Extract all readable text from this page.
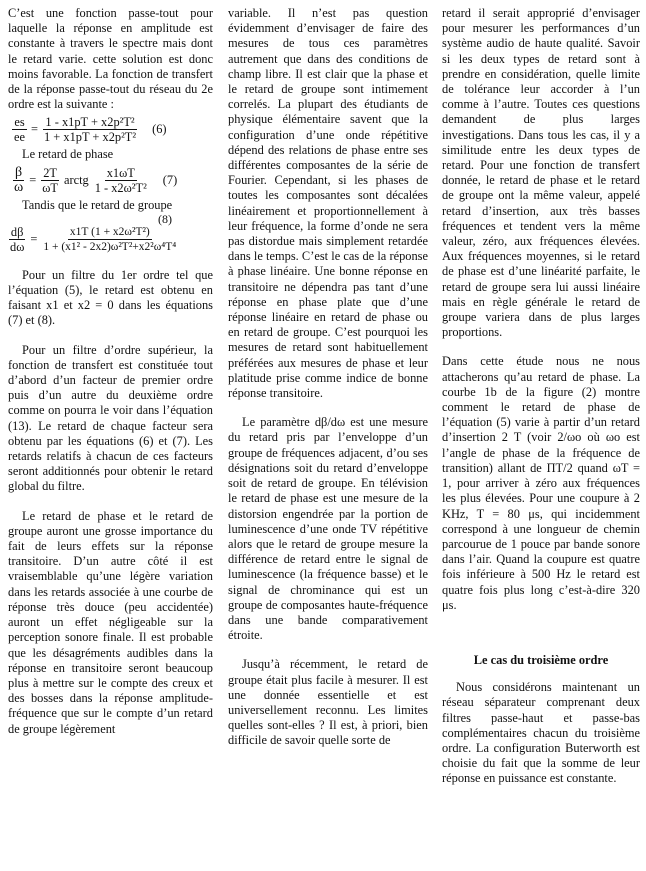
C’est une fonction passe-tout pour laquelle la réponse en amplitude est constante à travers le spectre mais dont le retard varie. cette solution est donc moins favorable. La fonction de transfert de la réponse passe-tout du réseau du 2e ordre est la suivante :

$\frac{es}{ee} = \frac{\text{1 - x1pT + x2p²T²}}{\text{1 + x1pT + x2p²T²}} (6)$

Le retard de phase

$\frac{\beta}{\omega} = \frac{2T}{\omega T}$ arctg $\frac{x1\omega T}{\text{1 - x2ω²T²}} (7)$

Tandis que le retard de groupe

(8)
$\frac{d\beta}{d\omega} = \frac{\text{x1T (1 + x2ω²T²)}}{\text{1 + (x1² - 2x2)ω²T²+x2²ω⁴T⁴}}$

Pour un filtre du 1er ordre tel que l’équation (5), le retard est obtenu en faisant x1 et x2 = 0 dans les équations (7) et (8).

Pour un filtre d’ordre supérieur, la fonction de transfert est constituée tout d’abord d’un facteur de premier ordre puis d’un autre du deuxième ordre comme on pourra le voir dans l’équation (13). Le retard de chaque facteur sera obtenu par les équations (6) et (7). Les retards relatifs à chacun de ces facteurs seront additionnés pour obtenir le retard global du filtre.

Le retard de phase et le retard de groupe auront une grosse importance du fait de leurs effets sur la réponse transitoire. D’un autre côté il est vraisemblable qu’une légère variation dans les retards associée à une courbe de réponse très douce (peu accidentée) auront un effet négligeable sur la perception sonore finale. Il est probable que les désagréments audibles dans la réponse en transitoire seront beaucoup plus à mettre sur le compte des creux et des bosses dans la réponse amplitude-fréquence que sur le compte d’un retard de groupe légèrement

variable. Il n’est pas question évidemment d’envisager de faire des mesures de tous ces paramètres autrement que dans des conditions de champ libre. Il est clair que la phase et le retard de groupe sont intimement correlés. La plupart des étudiants de physique élémentaire savent que la configuration d’une onde répétitive dépend des relations de phase entre ses différentes composantes de la série de Fourier. Cependant, si les phases de toutes les composantes sont décalées linéairement et proportionnellement à leur fréquence, la forme d’onde ne sera pas distordue mais simplement retardée dans le temps. C’est le cas de la réponse à phase linéaire. Une bonne réponse en transitoire ne dépendra pas tant d’une réponse en phase plate que d’une réponse linéaire en retard de phase ou en retard de groupe. C’est pourquoi les mesures de retard sont habituellement préférées aux mesures de phase et leur platitude prise comme indice de bonne réponse transitoire.

Le paramètre dβ/dω est une mesure du retard pris par l’enveloppe d’un groupe de fréquences adjacent, d’ou ses désignations soit du retard d’enveloppe soit de retard de groupe. En télévision le retard de phase est une mesure de la distorsion engendrée par la portion de luminescence d’une onde TV répétitive alors que le retard de groupe mesure la différence de retard entre le signal de luminescence (la fréquence basse) et le signal de chrominance qui est un groupe de composantes haute-fréquence dans une bande comparativement étroite.

Jusqu’à récemment, le retard de groupe était plus facile à mesurer. Il est une donnée essentielle et est universellement reconnu. Les limites quelles sont-elles ? Il est, à priori, bien difficile de savoir quelle sorte de

retard il serait approprié d’envisager pour mesurer les performances d’un système audio de haute qualité. Savoir si les deux types de retard sont à prendre en considération, quelle limite de tolérance leur accorder à l’un comme à l’autre. Toutes ces questions demandent de plus larges investigations. Dans tous les cas, il y a similitude entre les deux types de retard. Pour une fonction de transfert donnée, le retard de phase et le retard de groupe ont la même valeur, appelé retard d’insertion, aux très basses fréquences et tendent vers la même valeur, zéro, aux fréquences élevées. Aux fréquences moyennes, si le retard de phase est d’une linéarité parfaite, le retard de groupe sera lui aussi linéaire mais en règle générale le retard de groupe variera dans de plus larges proportions.

Dans cette étude nous ne nous attacherons qu’au retard de phase. La courbe 1b de la figure (2) montre comment le retard de phase de l’équation (5) varie à partir d’un retard d’insertion 2 T (voir 2/ωo où ωo est l’angle de phase de la fréquence de transition) allant de ΠT/2 quand ωT = 1, pour arriver à zéro aux fréquences les plus élevées. Pour une coupure à 2 KHz, T = 80 μs, qui incidemment correspond à une longueur de chemin parcourue de 1 pouce par bande sonore dans l’air. Quand la coupure est quatre fois inférieure à 500 Hz le retard est quatre fois plus long c’est-à-dire 320 μs.

Le cas du troisième ordre

Nous considérons maintenant un réseau séparateur comprenant deux filtres passe-haut et passe-bas complémentaires chacun du troisième ordre. La configuration Buterworth est choisie du fait que la somme de leur réponse en puissance est constante.
